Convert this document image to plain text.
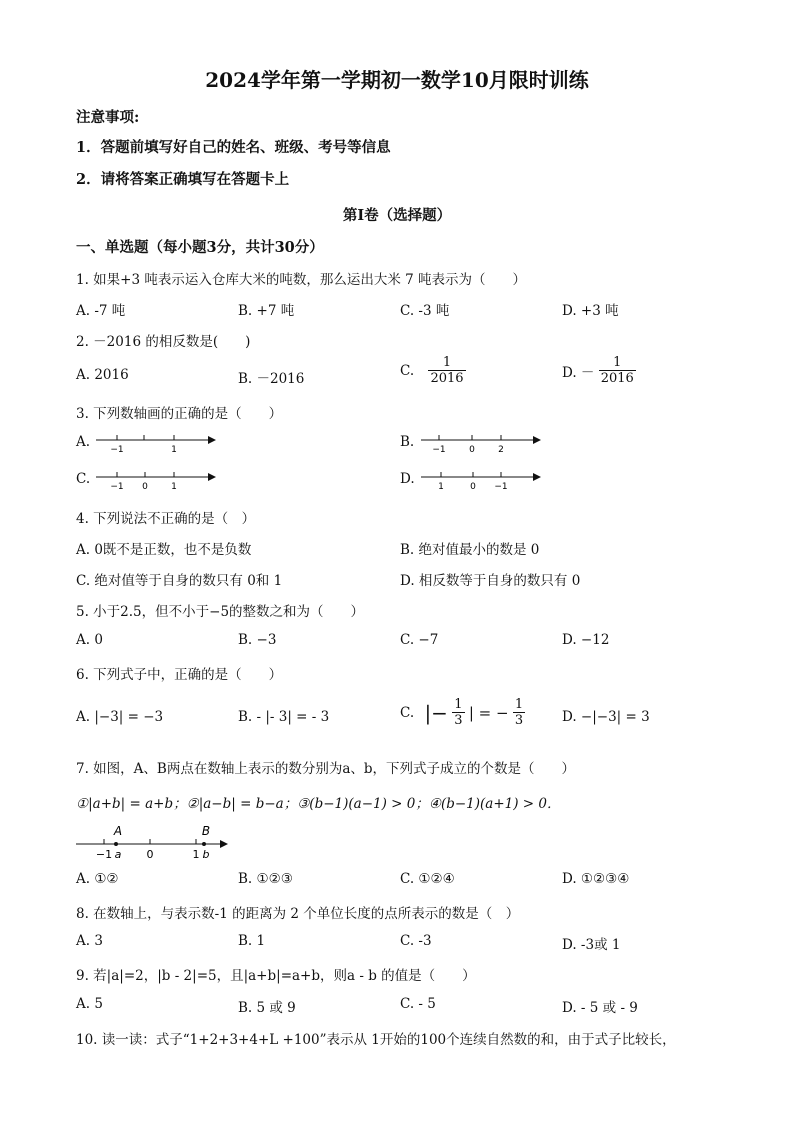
2024学年第一学期初一数学10月限时训练
注意事项:
1．答题前填写好自己的姓名、班级、考号等信息
2．请将答案正确填写在答题卡上
第I卷（选择题）
一、单选题（每小题3分，共计30分）
1. 如果+3 吨表示运入仓库大米的吨数，那么运出大米 7 吨表示为（　　）
A. -7 吨	B. +7 吨	C. -3 吨	D. +3 吨
2. －2016 的相反数是(　　)
A. 2016	B. －2016
C. $\frac{1}{2016}$	D. － $\frac{1}{2016}$
3. 下列数轴画的正确的是（　　）
A.	B.
C.	D.
−1	1	−1	0	2
−1 0	1	1	0 −1
4. 下列说法不正确的是（　）
A. 0既不是正数，也不是负数	B. 绝对值最小的数是 0
C. 绝对值等于自身的数只有 0和 1	D. 相反数等于自身的数只有 0
5. 小于2.5，但不小于−5的整数之和为（　　）
A. 0	B. −3	C. −7	D. −12
6. 下列式子中，正确的是（　　）
A. |−3| = −3	B. - |- 3| = - 3	C. |− $\frac{1}{3}$ | = − $\frac{1}{3}$	D. −|−3| = 3
7. 如图，A、B两点在数轴上表示的数分别为a、b，下列式子成立的个数是（　　）
①|a+b| = a+b；②|a−b| = b−a；③(b−1)(a−1) > 0；④(b−1)(a+1) > 0．
A	B
−1 a 0	1 b
A. ①②	B. ①②③	C. ①②④	D. ①②③④
8. 在数轴上，与表示数-1 的距离为 2 个单位长度的点所表示的数是（　）
A. 3	B. 1	C. -3	D. -3或 1
9. 若|a|=2，|b - 2|=5，且|a+b|=a+b，则a - b 的值是（　　）
A. 5	B. 5 或 9	C. - 5	D. - 5 或 - 9
10. 读一读：式子“1+2+3+4+L +100”表示从 1开始的100个连续自然数的和，由于式子比较长，
